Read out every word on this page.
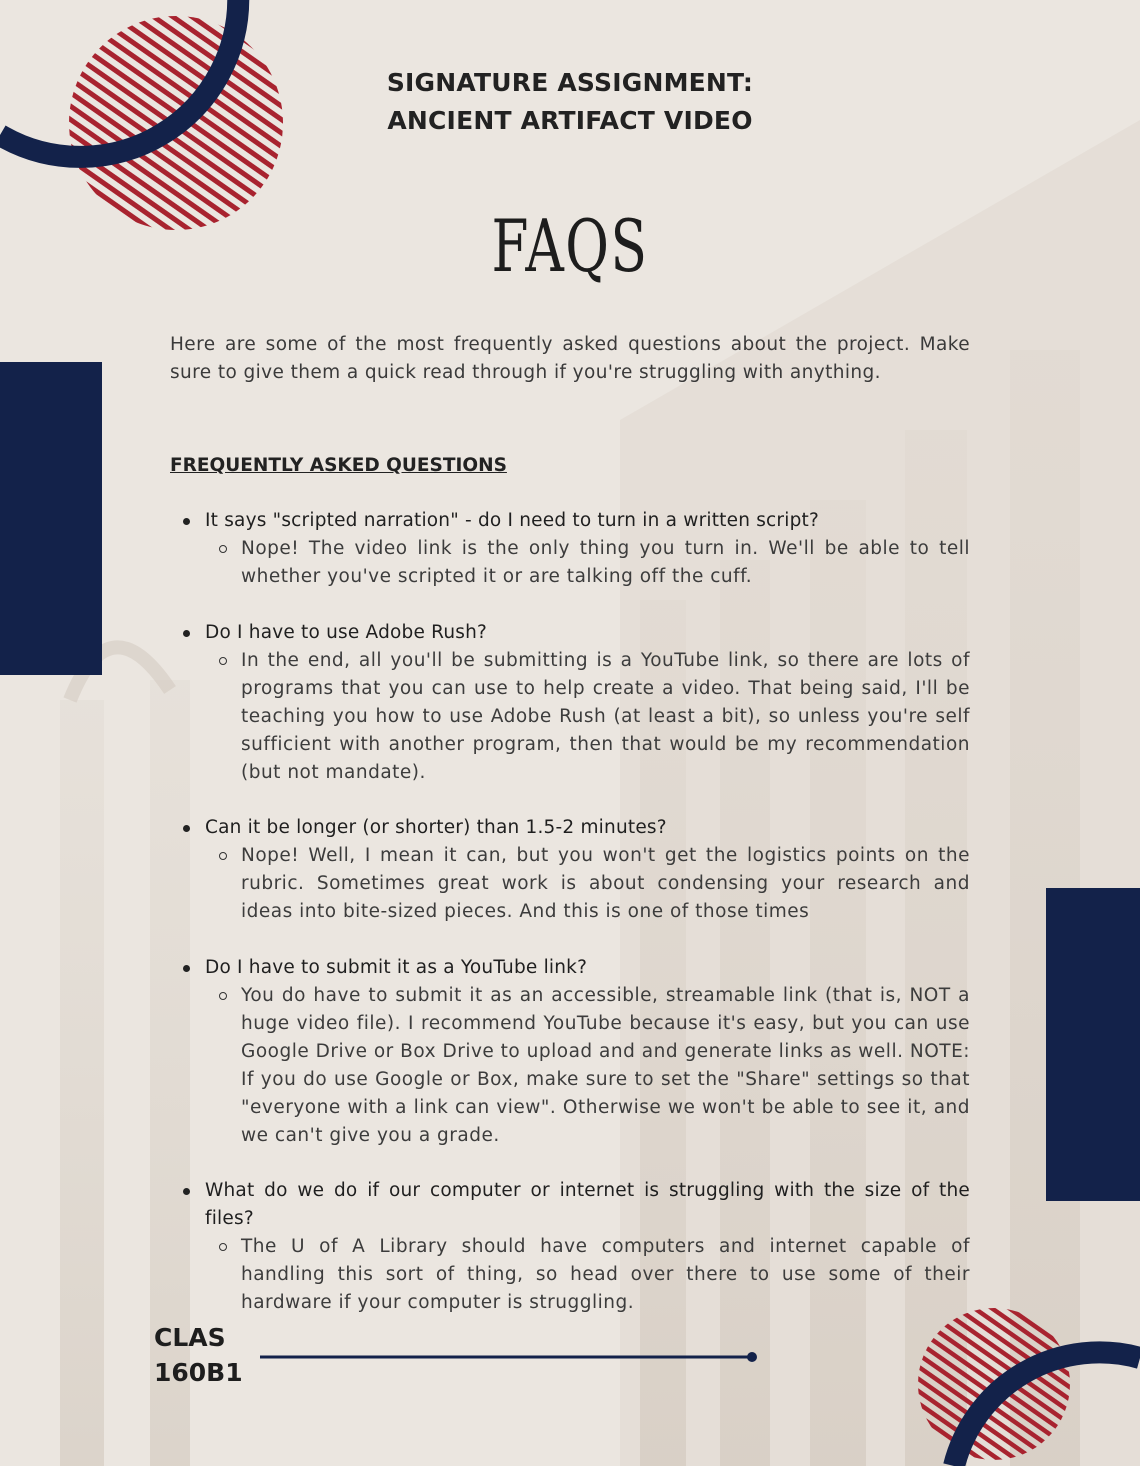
SIGNATURE ASSIGNMENT:
ANCIENT ARTIFACT VIDEO
FAQS
Here are some of the most frequently asked questions about the project. Make sure to give them a quick read through if you're struggling with anything.
FREQUENTLY ASKED QUESTIONS
It says "scripted narration" - do I need to turn in a written script?
Nope! The video link is the only thing you turn in. We'll be able to tell whether you've scripted it or are talking off the cuff.
Do I have to use Adobe Rush?
In the end, all you'll be submitting is a YouTube link, so there are lots of programs that you can use to help create a video. That being said, I'll be teaching you how to use Adobe Rush (at least a bit), so unless you're self sufficient with another program, then that would be my recommendation (but not mandate).
Can it be longer (or shorter) than 1.5-2 minutes?
Nope! Well, I mean it can, but you won't get the logistics points on the rubric. Sometimes great work is about condensing your research and ideas into bite-sized pieces. And this is one of those times
Do I have to submit it as a YouTube link?
You do have to submit it as an accessible, streamable link (that is, NOT a huge video file). I recommend YouTube because it's easy, but you can use Google Drive or Box Drive to upload and and generate links as well. NOTE: If you do use Google or Box, make sure to set the "Share" settings so that "everyone with a link can view". Otherwise we won't be able to see it, and we can't give you a grade.
What do we do if our computer or internet is struggling with the size of the files?
The U of A Library should have computers and internet capable of handling this sort of thing, so head over there to use some of their hardware if your computer is struggling.
CLAS
160B1
